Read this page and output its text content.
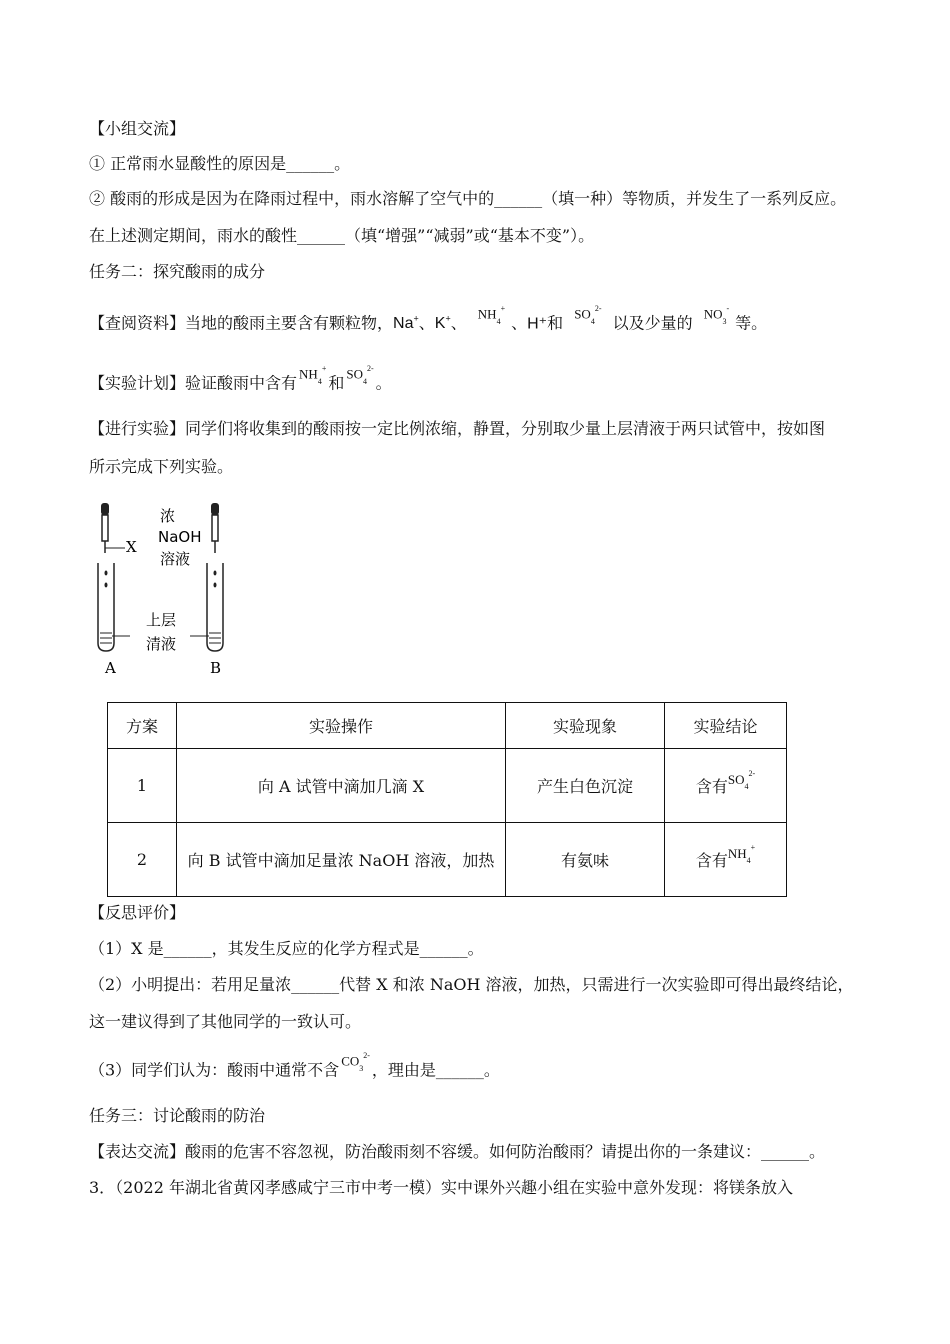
【小组交流】
① 正常雨水显酸性的原因是______。
② 酸雨的形成是因为在降雨过程中，雨水溶解了空气中的______（填一种）等物质，并发生了一系列反应。
在上述测定期间，雨水的酸性______（填“增强”“减弱”或“基本不变”）。
任务二：探究酸雨的成分
【查阅资料】当地的酸雨主要含有颗粒物，Na+、K+、 $NH_4^+$、H⁺和 $SO_4^{2-}$ 以及少量的 $NO_3^-$等。
【实验计划】验证酸雨中含有 $NH_4^+$和 $SO_4^{2-}$。
【进行实验】同学们将收集到的酸雨按一定比例浓缩，静置，分别取少量上层清液于两只试管中，按如图
所示完成下列实验。
X
浓
NaOH
溶液
上层
清液
A	B
方案	实验操作	实验现象	实验结论
1	向 A 试管中滴加几滴 X	产生白色沉淀	含有$^{SO_4^{2-}}$
2	向 B 试管中滴加足量浓 NaOH 溶液，加热	有氨味	含有$^{NH_4^+}$
【反思评价】
（1）X 是______，其发生反应的化学方程式是______。
（2）小明提出：若用足量浓______代替 X 和浓 NaOH 溶液，加热，只需进行一次实验即可得出最终结论，
这一建议得到了其他同学的一致认可。
（3）同学们认为：酸雨中通常不含 $CO_3^{2-}$，理由是______。
任务三：讨论酸雨的防治
【表达交流】酸雨的危害不容忽视，防治酸雨刻不容缓。如何防治酸雨？请提出你的一条建议：______。
3．（2022 年湖北省黄冈孝感咸宁三市中考一模）实中课外兴趣小组在实验中意外发现：将镁条放入
